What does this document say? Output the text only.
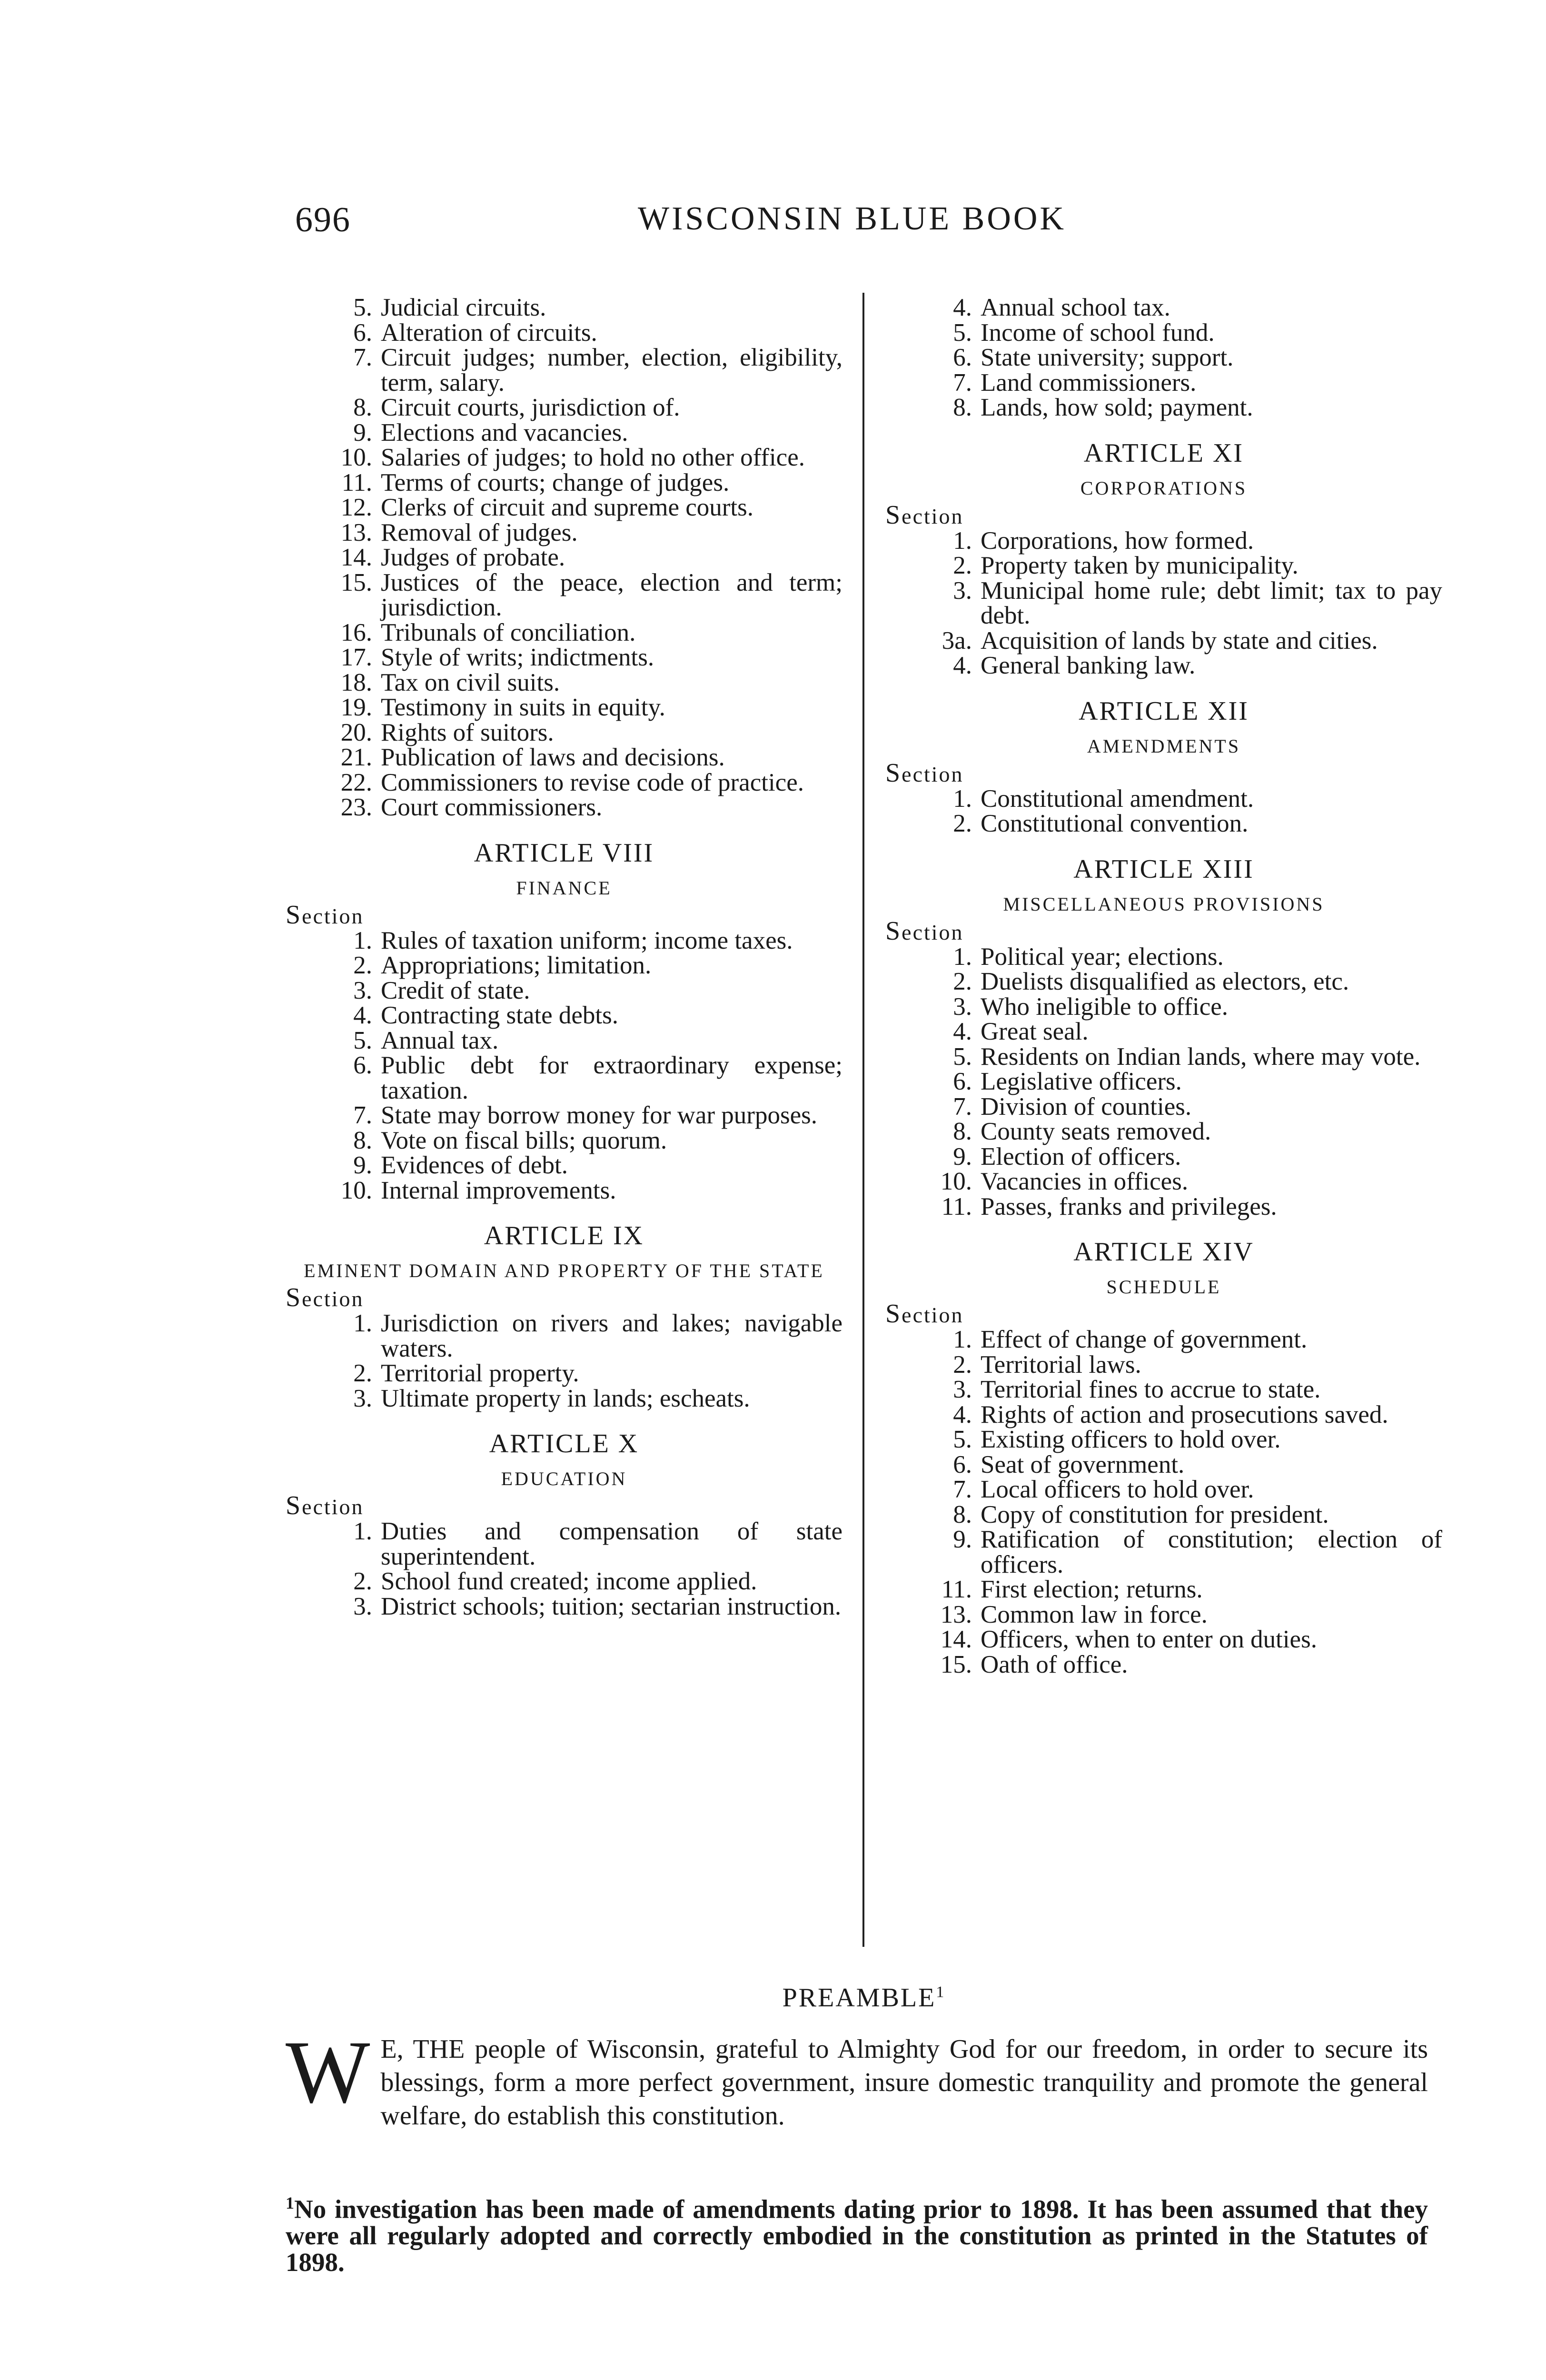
696	WISCONSIN BLUE BOOK
5. Judicial circuits.
6. Alteration of circuits.
7. Circuit judges; number, election, eligibility, term, salary.
8. Circuit courts, jurisdiction of.
9. Elections and vacancies.
10. Salaries of judges; to hold no other office.
11. Terms of courts; change of judges.
12. Clerks of circuit and supreme courts.
13. Removal of judges.
14. Judges of probate.
15. Justices of the peace, election and term; jurisdiction.
16. Tribunals of conciliation.
17. Style of writs; indictments.
18. Tax on civil suits.
19. Testimony in suits in equity.
20. Rights of suitors.
21. Publication of laws and decisions.
22. Commissioners to revise code of practice.
23. Court commissioners.
ARTICLE VIII
FINANCE
Section
1. Rules of taxation uniform; income taxes.
2. Appropriations; limitation.
3. Credit of state.
4. Contracting state debts.
5. Annual tax.
6. Public debt for extraordinary expense; taxation.
7. State may borrow money for war purposes.
8. Vote on fiscal bills; quorum.
9. Evidences of debt.
10. Internal improvements.
ARTICLE IX
EMINENT DOMAIN AND PROPERTY OF THE STATE
Section
1. Jurisdiction on rivers and lakes; navigable waters.
2. Territorial property.
3. Ultimate property in lands; escheats.
ARTICLE X
EDUCATION
Section
1. Duties and compensation of state superintendent.
2. School fund created; income applied.
3. District schools; tuition; sectarian instruction.
4. Annual school tax.
5. Income of school fund.
6. State university; support.
7. Land commissioners.
8. Lands, how sold; payment.
ARTICLE XI
CORPORATIONS
Section
1. Corporations, how formed.
2. Property taken by municipality.
3. Municipal home rule; debt limit; tax to pay debt.
3a. Acquisition of lands by state and cities.
4. General banking law.
ARTICLE XII
AMENDMENTS
Section
1. Constitutional amendment.
2. Constitutional convention.
ARTICLE XIII
MISCELLANEOUS PROVISIONS
Section
1. Political year; elections.
2. Duelists disqualified as electors, etc.
3. Who ineligible to office.
4. Great seal.
5. Residents on Indian lands, where may vote.
6. Legislative officers.
7. Division of counties.
8. County seats removed.
9. Election of officers.
10. Vacancies in offices.
11. Passes, franks and privileges.
ARTICLE XIV
SCHEDULE
Section
1. Effect of change of government.
2. Territorial laws.
3. Territorial fines to accrue to state.
4. Rights of action and prosecutions saved.
5. Existing officers to hold over.
6. Seat of government.
7. Local officers to hold over.
8. Copy of constitution for president.
9. Ratification of constitution; election of officers.
11. First election; returns.
13. Common law in force.
14. Officers, when to enter on duties.
15. Oath of office.
PREAMBLE$^1$
W E, THE people of Wisconsin, grateful to Almighty God for our freedom, in order to secure its blessings, form a more perfect government, insure domestic tranquility and promote the general welfare, do establish this constitution.
$^1$No investigation has been made of amendments dating prior to 1898. It has been assumed that they were all regularly adopted and correctly embodied in the constitution as printed in the Statutes of 1898.
